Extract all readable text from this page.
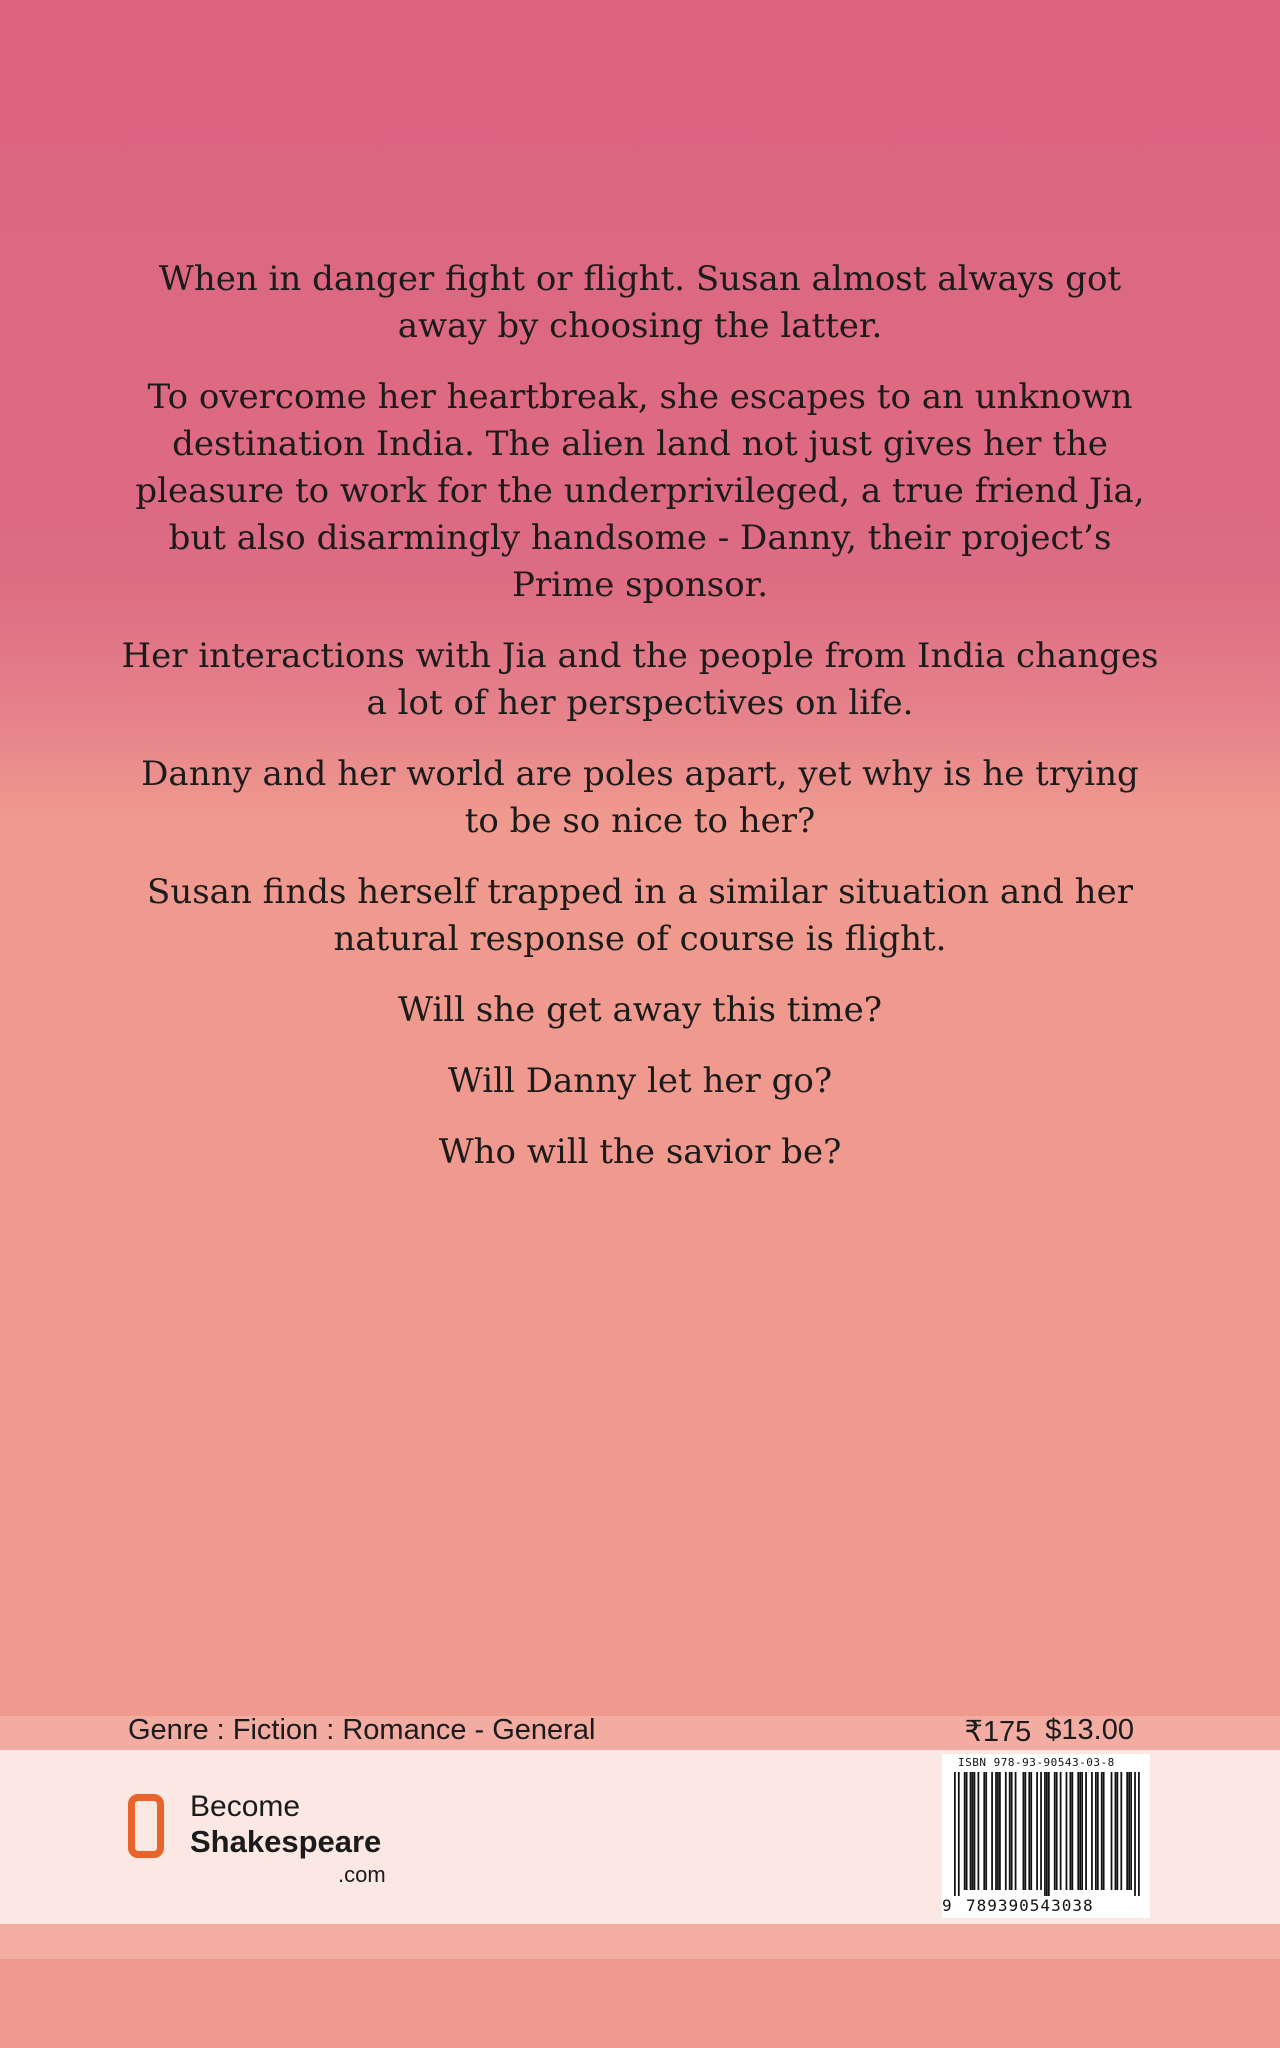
When in danger fight or flight. Susan almost always got away by choosing the latter.

To overcome her heartbreak, she escapes to an unknown destination India. The alien land not just gives her the pleasure to work for the underprivileged, a true friend Jia, but also disarmingly handsome - Danny, their project’s Prime sponsor.

Her interactions with Jia and the people from India changes a lot of her perspectives on life.

Danny and her world are poles apart, yet why is he trying to be so nice to her?

Susan finds herself trapped in a similar situation and her natural response of course is flight.

Will she get away this time?

Will Danny let her go?

Who will the savior be?

Genre : Fiction : Romance - General	₹175 $13.00
Become
Shakespeare
.com
ISBN 978-93-90543-03-8
9 789390543038
